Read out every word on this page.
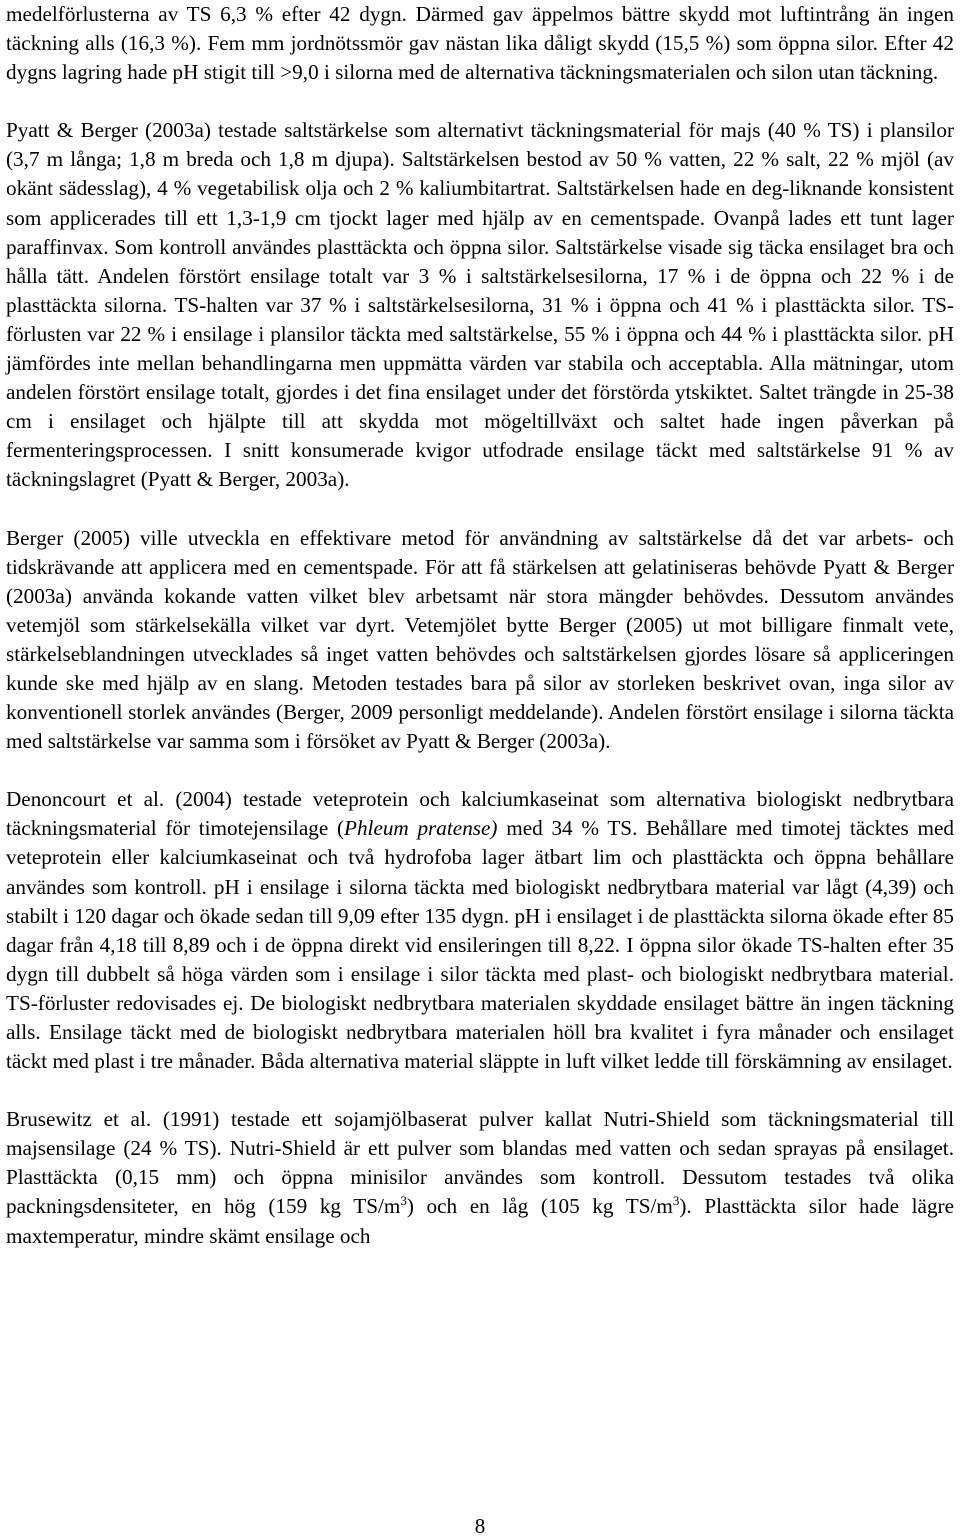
medelförlusterna av TS 6,3 % efter 42 dygn. Därmed gav äppelmos bättre skydd mot luftintrång än ingen täckning alls (16,3 %). Fem mm jordnötssmör gav nästan lika dåligt skydd (15,5 %) som öppna silor. Efter 42 dygns lagring hade pH stigit till >9,0 i silorna med de alternativa täckningsmaterialen och silon utan täckning.

Pyatt & Berger (2003a) testade saltstärkelse som alternativt täckningsmaterial för majs (40 % TS) i plansilor (3,7 m långa; 1,8 m breda och 1,8 m djupa). Saltstärkelsen bestod av 50 % vatten, 22 % salt, 22 % mjöl (av okänt sädesslag), 4 % vegetabilisk olja och 2 % kaliumbitartrat. Saltstärkelsen hade en deg-liknande konsistent som applicerades till ett 1,3-1,9 cm tjockt lager med hjälp av en cementspade. Ovanpå lades ett tunt lager paraffinvax. Som kontroll användes plasttäckta och öppna silor. Saltstärkelse visade sig täcka ensilaget bra och hålla tätt. Andelen förstört ensilage totalt var 3 % i saltstärkelsesilorna, 17 % i de öppna och 22 % i de plasttäckta silorna. TS-halten var 37 % i saltstärkelsesilorna, 31 % i öppna och 41 % i plasttäckta silor. TS-förlusten var 22 % i ensilage i plansilor täckta med saltstärkelse, 55 % i öppna och 44 % i plasttäckta silor. pH jämfördes inte mellan behandlingarna men uppmätta värden var stabila och acceptabla. Alla mätningar, utom andelen förstört ensilage totalt, gjordes i det fina ensilaget under det förstörda ytskiktet. Saltet trängde in 25-38 cm i ensilaget och hjälpte till att skydda mot mögeltillväxt och saltet hade ingen påverkan på fermenteringsprocessen. I snitt konsumerade kvigor utfodrade ensilage täckt med saltstärkelse 91 % av täckningslagret (Pyatt & Berger, 2003a).

Berger (2005) ville utveckla en effektivare metod för användning av saltstärkelse då det var arbets- och tidskrävande att applicera med en cementspade. För att få stärkelsen att gelatiniseras behövde Pyatt & Berger (2003a) använda kokande vatten vilket blev arbetsamt när stora mängder behövdes. Dessutom användes vetemjöl som stärkelsekälla vilket var dyrt. Vetemjölet bytte Berger (2005) ut mot billigare finmalt vete, stärkelseblandningen utvecklades så inget vatten behövdes och saltstärkelsen gjordes lösare så appliceringen kunde ske med hjälp av en slang. Metoden testades bara på silor av storleken beskrivet ovan, inga silor av konventionell storlek användes (Berger, 2009 personligt meddelande). Andelen förstört ensilage i silorna täckta med saltstärkelse var samma som i försöket av Pyatt & Berger (2003a).

Denoncourt et al. (2004) testade veteprotein och kalciumkaseinat som alternativa biologiskt nedbrytbara täckningsmaterial för timotejensilage (Phleum pratense) med 34 % TS. Behållare med timotej täcktes med veteprotein eller kalciumkaseinat och två hydrofoba lager ätbart lim och plasttäckta och öppna behållare användes som kontroll. pH i ensilage i silorna täckta med biologiskt nedbrytbara material var lågt (4,39) och stabilt i 120 dagar och ökade sedan till 9,09 efter 135 dygn. pH i ensilaget i de plasttäckta silorna ökade efter 85 dagar från 4,18 till 8,89 och i de öppna direkt vid ensileringen till 8,22. I öppna silor ökade TS-halten efter 35 dygn till dubbelt så höga värden som i ensilage i silor täckta med plast- och biologiskt nedbrytbara material. TS-förluster redovisades ej. De biologiskt nedbrytbara materialen skyddade ensilaget bättre än ingen täckning alls. Ensilage täckt med de biologiskt nedbrytbara materialen höll bra kvalitet i fyra månader och ensilaget täckt med plast i tre månader. Båda alternativa material släppte in luft vilket ledde till förskämning av ensilaget.

Brusewitz et al. (1991) testade ett sojamjölbaserat pulver kallat Nutri-Shield som täckningsmaterial till majsensilage (24 % TS). Nutri-Shield är ett pulver som blandas med vatten och sedan sprayas på ensilaget. Plasttäckta (0,15 mm) och öppna minisilor användes som kontroll. Dessutom testades två olika packningsdensiteter, en hög (159 kg $TS/m^3$) och en låg (105 kg $TS/m^3$). Plasttäckta silor hade lägre maxtemperatur, mindre skämt ensilage och

8
